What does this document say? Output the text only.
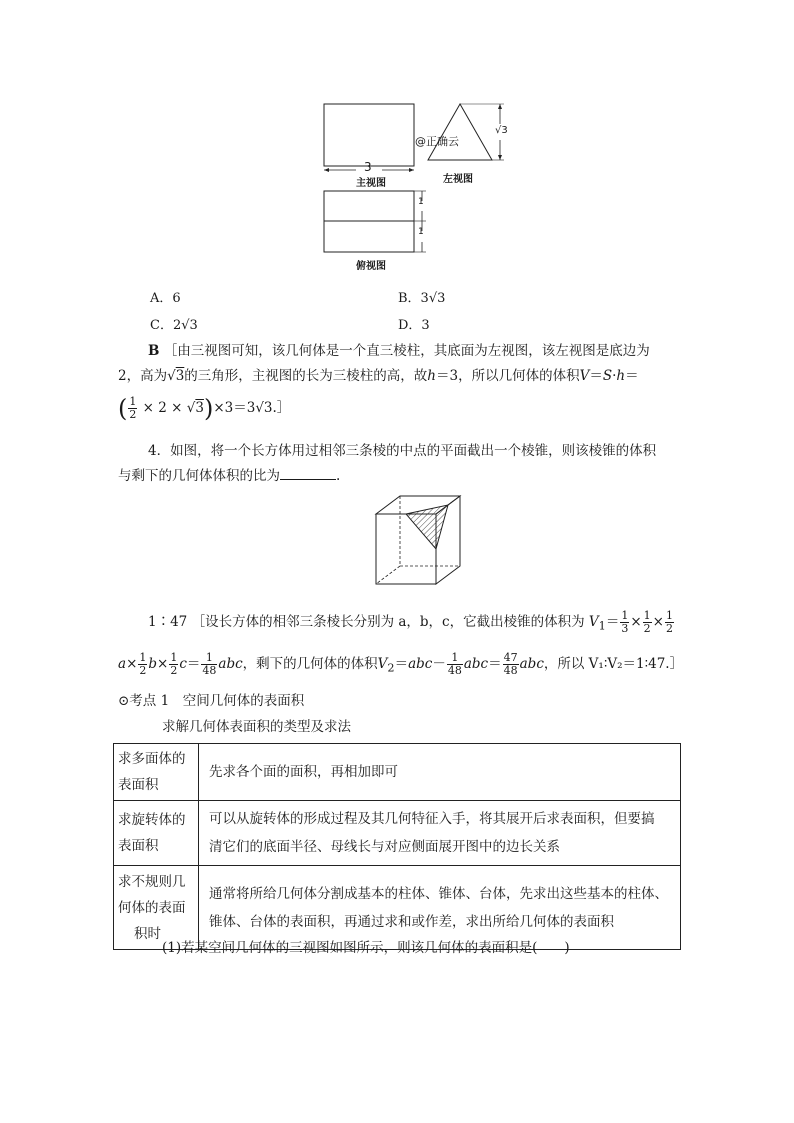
3
√3
1
1
@正确云
主视图	左视图
俯视图
A．6	B．3√3
C．2√3	D．3
B ［由三视图可知，该几何体是一个直三棱柱，其底面为左视图，该左视图是底边为
2，高为√3的三角形，主视图的长为三棱柱的高，故h＝3，所以几何体的体积V＝S·h＝
( $\frac{1}{2} \times 2$ × √3)×3＝3√3.］
4．如图，将一个长方体用过相邻三条棱的中点的平面截出一个棱锥，则该棱锥的体积
与剩下的几何体体积的比为	.
1∶47 ［设长方体的相邻三条棱长分别为 a，b，c，它截出棱锥的体积为 $V_1= \frac{1}{3} \times \frac{1}{2} \times \frac{1}{2}$
$a\times \frac{1}{2} b\times \frac{1}{2} c= \frac{1}{48}$ abc，剩下的几何体的体积$V_2=abc- \frac{1}{48} abc= \frac{47}{48}$ abc，所以 V₁∶V₂＝1∶47.］
⊙考点 1　空间几何体的表面积
求解几何体表面积的类型及求法
求多面体的
表面积	先求各个面的面积，再相加即可
求旋转体的
表面积	可以从旋转体的形成过程及其几何特征入手，将其展开后求表面积，但要搞
清它们的底面半径、母线长与对应侧面展开图中的边长关系
求不规则几
何体的表面
积时	通常将所给几何体分割成基本的柱体、锥体、台体，先求出这些基本的柱体、
锥体、台体的表面积，再通过求和或作差，求出所给几何体的表面积
(1)若某空间几何体的三视图如图所示，则该几何体的表面积是(　　)
